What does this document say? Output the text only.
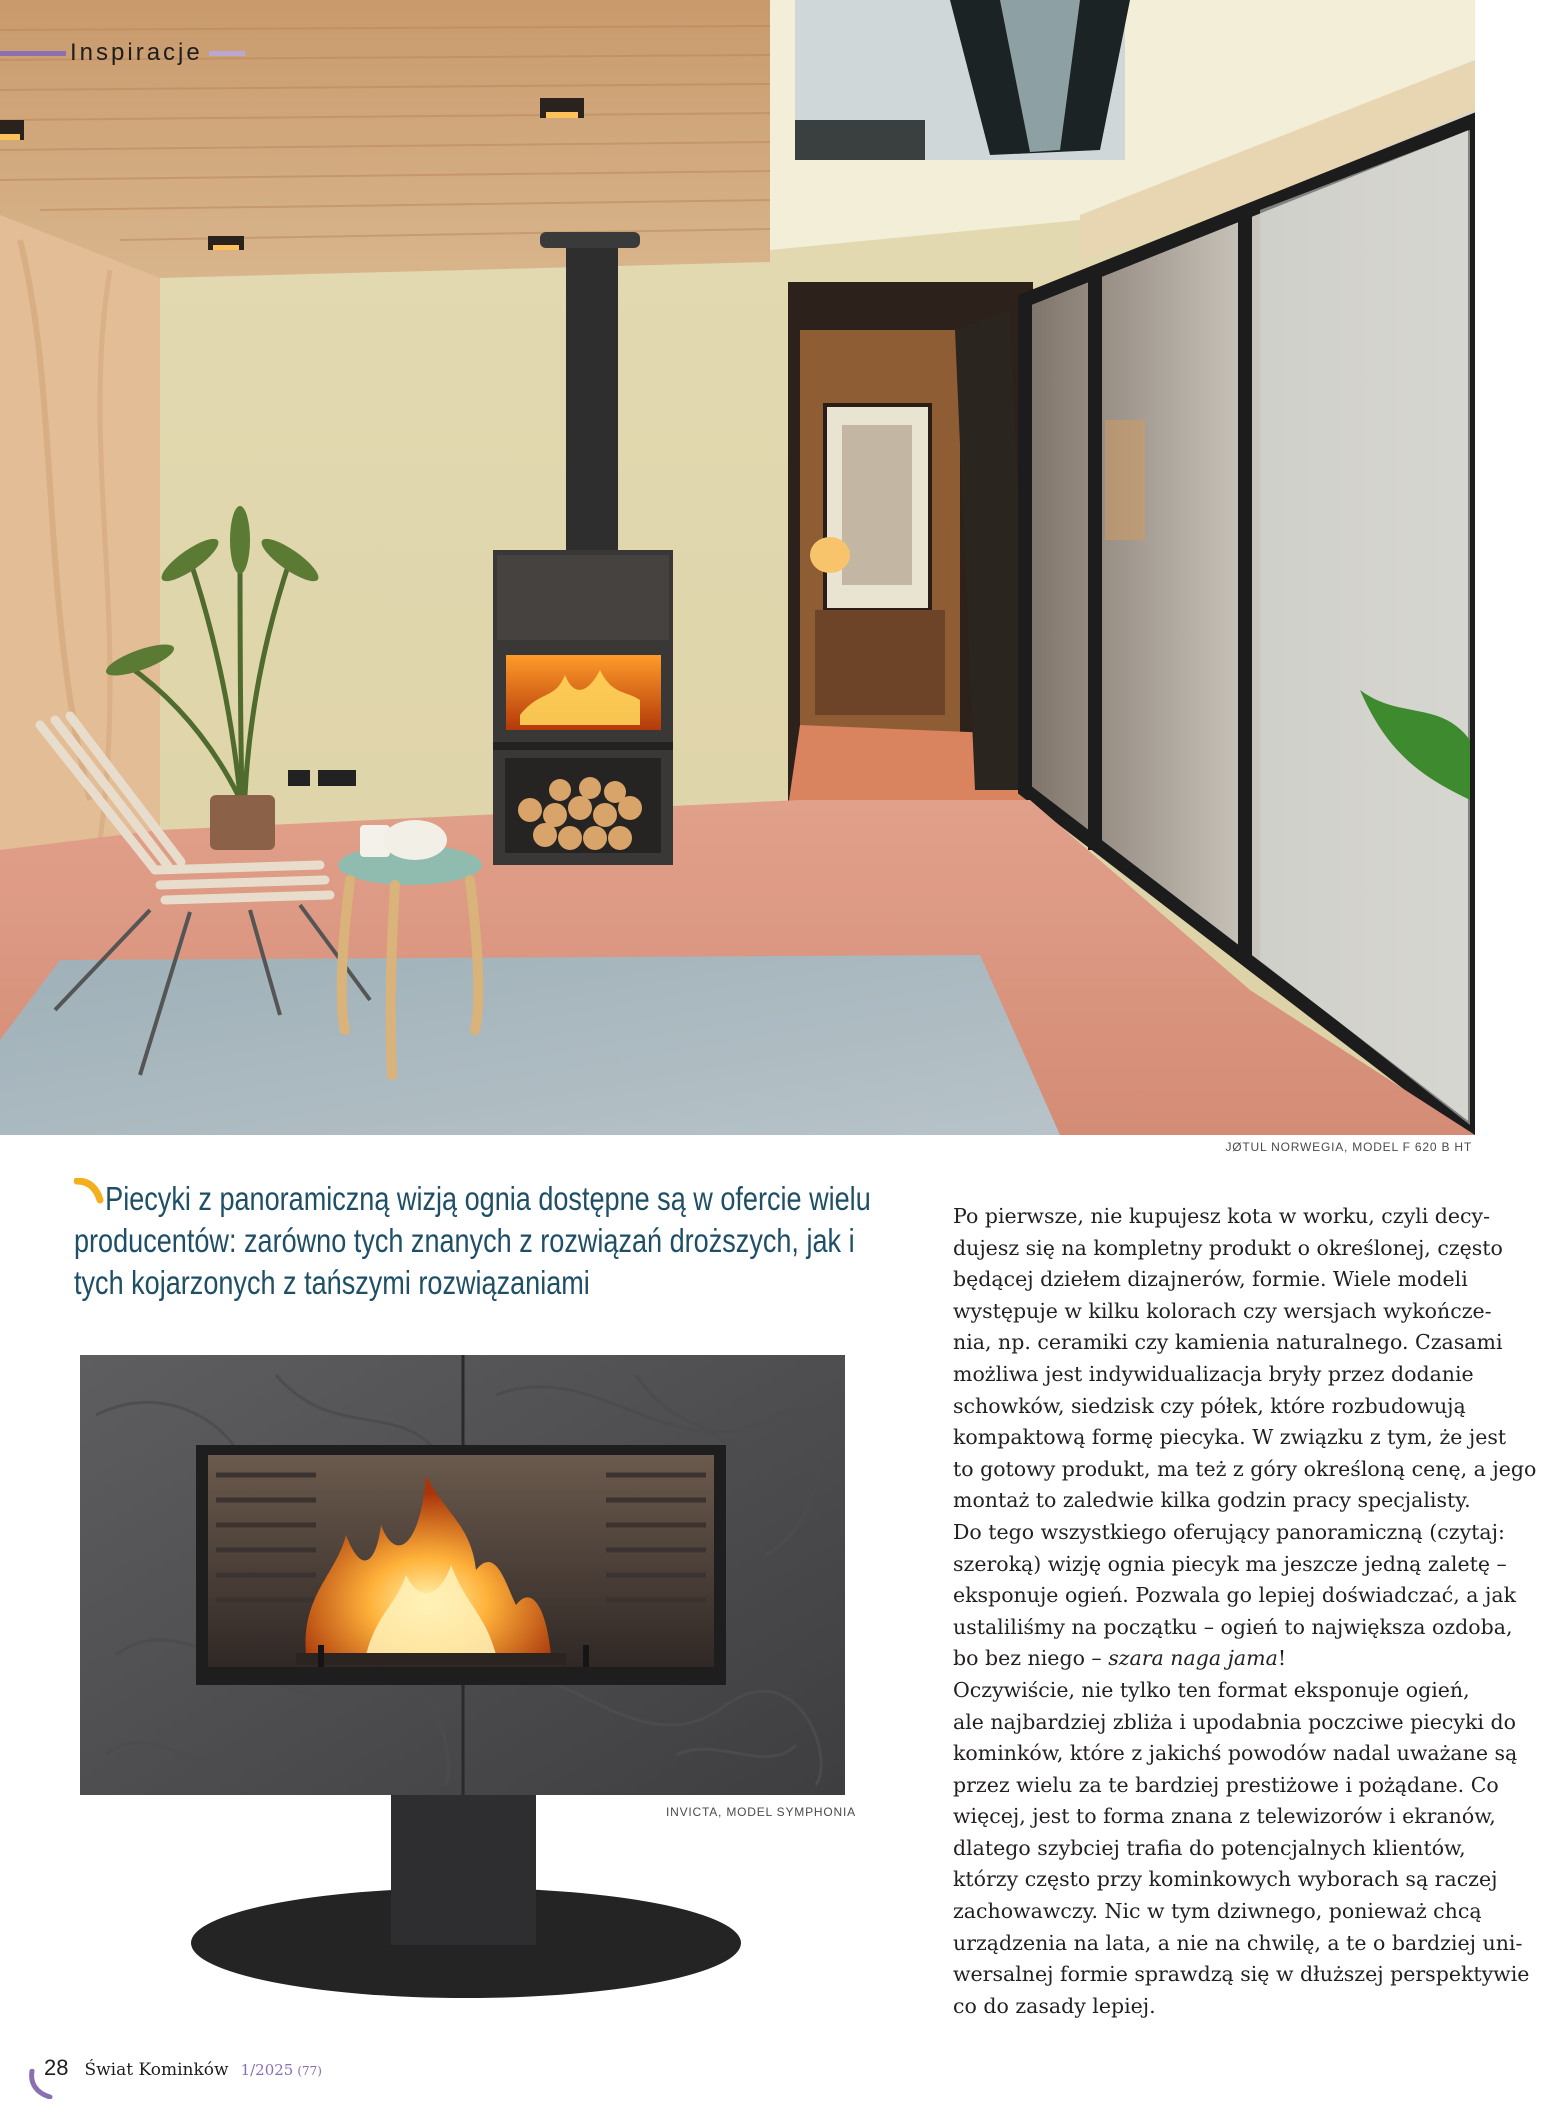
Inspiracje
JØTUL NORWEGIA, MODEL F 620 B HT

Piecyki z panoramiczną wizją ognia dostępne są w ofercie wielu producentów: zarówno tych znanych z rozwiązań droższych, jak i tych kojarzonych z tańszymi rozwiązaniami

INVICTA, MODEL SYMPHONIA

Po pierwsze, nie kupujesz kota w worku, czyli decy-
dujesz się na kompletny produkt o określonej, często
będącej dziełem dizajnerów, formie. Wiele modeli
występuje w kilku kolorach czy wersjach wykończe-
nia, np. ceramiki czy kamienia naturalnego. Czasami
możliwa jest indywidualizacja bryły przez dodanie
schowków, siedzisk czy półek, które rozbudowują
kompaktową formę piecyka. W związku z tym, że jest
to gotowy produkt, ma też z góry określoną cenę, a jego
montaż to zaledwie kilka godzin pracy specjalisty.
Do tego wszystkiego oferujący panoramiczną (czytaj:
szeroką) wizję ognia piecyk ma jeszcze jedną zaletę –
eksponuje ogień. Pozwala go lepiej doświadczać, a jak
ustaliliśmy na początku – ogień to największa ozdoba,
bo bez niego – szara naga jama!

Oczywiście, nie tylko ten format eksponuje ogień,
ale najbardziej zbliża i upodabnia poczciwe piecyki do
kominków, które z jakichś powodów nadal uważane są
przez wielu za te bardziej prestiżowe i pożądane. Co
więcej, jest to forma znana z telewizorów i ekranów,
dlatego szybciej trafia do potencjalnych klientów,
którzy często przy kominkowych wyborach są raczej
zachowawczy. Nic w tym dziwnego, ponieważ chcą
urządzenia na lata, a nie na chwilę, a te o bardziej uni-
wersalnej formie sprawdzą się w dłuższej perspektywie
co do zasady lepiej.

28 Świat Kominków 1/2025 (77)
